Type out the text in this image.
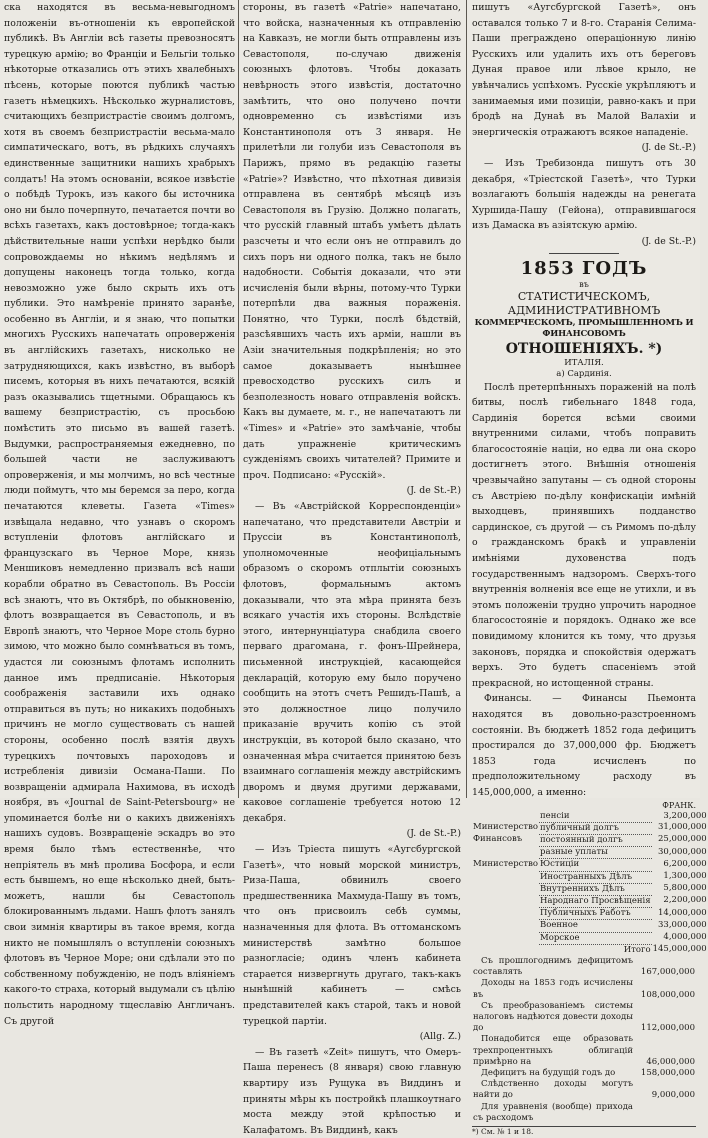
ска находятся въ весьма-невыгодномъ положеніи въ-отношеніи къ европейской публикѣ. Въ Англіи всѣ газеты превозносятъ турецкую армію; во Франціи и Бельгіи только нѣкоторые отказались отъ этихъ хвалебныхъ пѣсень, которые поются публикѣ частью газетъ нѣмецкихъ. Нѣсколько журналистовъ, считающихъ безпристрастіе своимъ долгомъ, хотя въ своемъ безпристрастіи весьма-мало симпатическаго, вотъ, въ рѣдкихъ случаяхъ единственные защитники нашихъ храбрыхъ солдатъ! На этомъ основаніи, всякое извѣстіе о побѣдѣ Турокъ, изъ какого бы источника оно ни было почерпнуто, печатается почти во всѣхъ газетахъ, какъ достовѣрное; тогда-какъ дѣйствительные наши успѣхи нерѣдко были сопровождаемы но нѣкимъ недѣлямъ и допущены наконецъ тогда только, когда невозможно уже было скрыть ихъ отъ публики. Это намѣреніе принято заранѣе, особенно въ Англіи, и я знаю, что попытки многихъ Русскихъ напечатать опроверженія въ англійскихъ газетахъ, нисколько не затрудняющихся, какъ извѣстно, въ выборѣ писемъ, которыя въ нихъ печатаются, всякій разъ оказывались тщетными. Обращаюсь къ вашему безпристрастію, съ просьбою помѣстить это письмо въ вашей газетѣ. Выдумки, распространяемыя ежедневно, по большей части не заслуживаютъ опроверженія, и мы молчимъ, но всѣ честные люди поймутъ, что мы беремся за перо, когда печатаются клеветы. Газета «Times» извѣщала недавно, что узнавъ о скоромъ вступленіи флотовъ англійскаго и французскаго въ Черное Море, князь Меншиковъ немедленно призвалъ всѣ наши корабли обратно въ Севастополь. Въ Россіи всѣ знаютъ, что въ Октябрѣ, по обыкновенію, флотъ возвращается въ Севастополь, и въ Европѣ знаютъ, что Черное Море столь бурно зимою, что можно было сомнѣваться въ томъ, удастся ли союзнымъ флотамъ исполнить данное имъ предписаніе. Нѣкоторыя соображенія заставили ихъ однако отправиться въ путь; но никакихъ подобныхъ причинъ не могло существовать съ нашей стороны, особенно послѣ взятія двухъ турецкихъ почтовыхъ пароходовъ и истребленія дивизіи Османа-Паши. По возвращеніи адмирала Нахимова, въ исходѣ ноября, въ «Journal de Saint-Petersbourg» не упоминается болѣе ни о какихъ движеніяхъ нашихъ судовъ. Возвращеніе эскадръ во это время было тѣмъ естественнѣе, что непріятель въ мнѣ пролива Босфора, и если есть бывшемъ, но еще нѣсколько дней, быть-можетъ, нашли бы Севастополь блокированнымъ льдами. Нашъ флотъ занялъ свои зимнія квартиры въ такое время, когда никто не помышлялъ о вступленіи союзныхъ флотовъ въ Черное Море; они сдѣлали это по собственному побужденію, не подъ вліяніемъ какого-то страха, который выдумали съ цѣлію польстить народному тщеславію Англичанъ. Съ другой

стороны, въ газетѣ «Patrie» напечатано, что войска, назначенныя къ отправленію на Кавказъ, не могли быть отправлены изъ Севастополя, по-случаю движенія союзныхъ флотовъ. Чтобы доказать невѣрность этого извѣстія, достаточно замѣтить, что оно получено почти одновременно съ извѣстіями изъ Константинополя отъ 3 января. Не прилетѣли ли голуби изъ Севастополя въ Парижъ, прямо въ редакцію газеты «Patrie»? Извѣстно, что пѣхотная дивизія отправлена въ сентябрѣ мѣсяцѣ изъ Севастополя въ Грузію. Должно полагать, что русскій главный штабъ умѣетъ дѣлать разсчеты и что если онъ не отправилъ до сихъ поръ ни одного полка, такъ не было надобности. Событія доказали, что эти исчисленія были вѣрны, потому-что Турки потерпѣли два важныя пораженія. Понятно, что Турки, послѣ бѣдствій, разсѣявшихъ часть ихъ арміи, нашли въ Азіи значительныя подкрѣпленія; но это самое доказываетъ нынѣшнее превосходство русскихъ силъ и безполезность новаго отправленія войскъ. Какъ вы думаете, м. г., не напечатаютъ ли «Times» и «Patrie» это замѣчаніе, чтобы дать упражненіе критическимъ сужденіямъ своихъ читателей? Примите и проч. Подписано: «Русскій».

(J. de St.-P.)

— Въ «Австрійской Корреспонденціи» напечатано, что представители Австріи и Пруссіи въ Константинополѣ, уполномоченные неофиціальнымъ образомъ о скоромъ отплытіи союзныхъ флотовъ, формальнымъ актомъ доказывали, что эта мѣра принята безъ всякаго участія ихъ стороны. Вслѣдствіе этого, интернунціатура снабдила своего перваго драгомана, г. фонъ-Шрейнера, письменной инструкціей, касающейся декларацій, которую ему было поручено сообщить на этотъ счетъ Решидъ-Пашѣ, а это должностное лицо получило приказаніе вручить копію съ этой инструкціи, въ которой было сказано, что означенная мѣра считается принятою безъ взаимнаго соглашенія между австрійскимъ дворомъ и двумя другими державами, каковое соглашеніе требуется нотою 12 декабря.

(J. de St.-P.)

— Изъ Тріеста пишутъ «Аугсбургской Газетѣ», что новый морской министръ, Риза-Паша, обвинилъ своего предшественника Махмуда-Пашу въ томъ, что онъ присвоилъ себѣ суммы, назначенныя для флота. Въ оттоманскомъ министерствѣ замѣтно большое разногласіе; одинъ членъ кабинета старается низвергнуть другаго, такъ-какъ нынѣшній кабинетъ — смѣсь представителей какъ старой, такъ и новой турецкой партіи.

(Allg. Z.)

— Въ газетѣ «Zeit» пишутъ, что Омеръ-Паша перенесъ (8 января) свою главную квартиру изъ Рущука въ Виддинъ и приняты мѣры къ постройкѣ плашкоутнаго моста между этой крѣпостью и Калафатомъ. Въ Виддинѣ, какъ

пишутъ «Аугсбургской Газетѣ», онъ оставался только 7 и 8-го. Старанія Селима-Паши преграждено операціонную линію Русскихъ или удалить ихъ отъ береговъ Дуная правое или лѣвое крыло, не увѣнчались успѣхомъ. Русскіе укрѣпляютъ и занимаемыя ими позиціи, равно-какъ и при бродѣ на Дунаѣ въ Малой Валахіи и энергическія отражаютъ всякое нападеніе.

(J. de St.-P.)

— Изъ Требизонда пишутъ отъ 30 декабря, «Тріестской Газетѣ», что Турки возлагаютъ большія надежды на ренегата Хуршида-Пашу (Гейона), отправившагося изъ Дамаска въ азіятскую армію.

(J. de St.-P.)

1853 ГОДЪ
въ
СТАТИСТИЧЕСКОМЪ, АДМИНИСТРАТИВНОМЪ
КОММЕРЧЕСКОМЪ, ПРОМЫШЛЕННОМЪ И ФИНАНСОВОМЪ
ОТНОШЕНІЯХЪ. *)
ИТАЛІЯ.
а) Сардинія.

Послѣ претерпѣнныхъ пораженій на полѣ битвы, послѣ гибельнаго 1848 года, Сардинія борется всѣми своими внутренними силами, чтобъ поправить благосостояніе націи, но едва ли она скоро достигнетъ этого. Внѣшнія отношенія чрезвычайно запутаны — съ одной стороны съ Австріею по-дѣлу конфискаціи имѣній выходцевъ, принявшихъ подданство сардинское, съ другой — съ Римомъ по-дѣлу о гражданскомъ бракѣ и управленіи имѣніями духовенства подъ государственнымъ надзоромъ. Сверхъ-того внутреннія волненія все еще не утихли, и въ этомъ положеніи трудно упрочить народное благосостояніе и порядокъ. Однако же все повидимому клонится къ тому, что друзья законовъ, порядка и спокойствія одержатъ верхъ. Это будетъ спасеніемъ этой прекрасной, но истощенной страны.

Финансы. — Финансы Пьемонта находятся въ довольно-разстроенномъ состояніи. Въ бюджетѣ 1852 года дефицитъ простирался до 37,000,000 фр. Бюджетъ 1853 года исчисленъ по предположительному расходу въ 145,000,000, а именно:

ФРАНК.
	пенсіи	3,200,000
Министерство	публичный долгъ	31,000,000
Финансовъ	постоянный долгъ	25,000,000
	разные уплаты	30,000,000
Министерство	Юстиціи	6,200,000
	Иностранныхъ Дѣлъ	1,300,000
	Внутреннихъ Дѣлъ	5,800,000
	Народнаго Просвѣщенія	2,200,000
	Публичныхъ Работъ	14,000,000
	Военное	33,000,000
	Морское	4,000,000
	Итого	145,000,000
Съ прошлогоднимъ дефицитомъ составлять	167,000,000
Доходы на 1853 годъ исчислены въ	108,000,000
Съ преобразованіемъ системы налоговъ надѣются довести доходы до	112,000,000
Понадобится еще образовать трехпроцентныхъ облигацій примѣрно на	46,000,000
Дефицитъ на будущій годъ до	158,000,000
Слѣдственно доходы могутъ найти до	9,000,000
Для уравненія (вообще) прихода съ расходомъ	

*) См. № 1 и 18.
